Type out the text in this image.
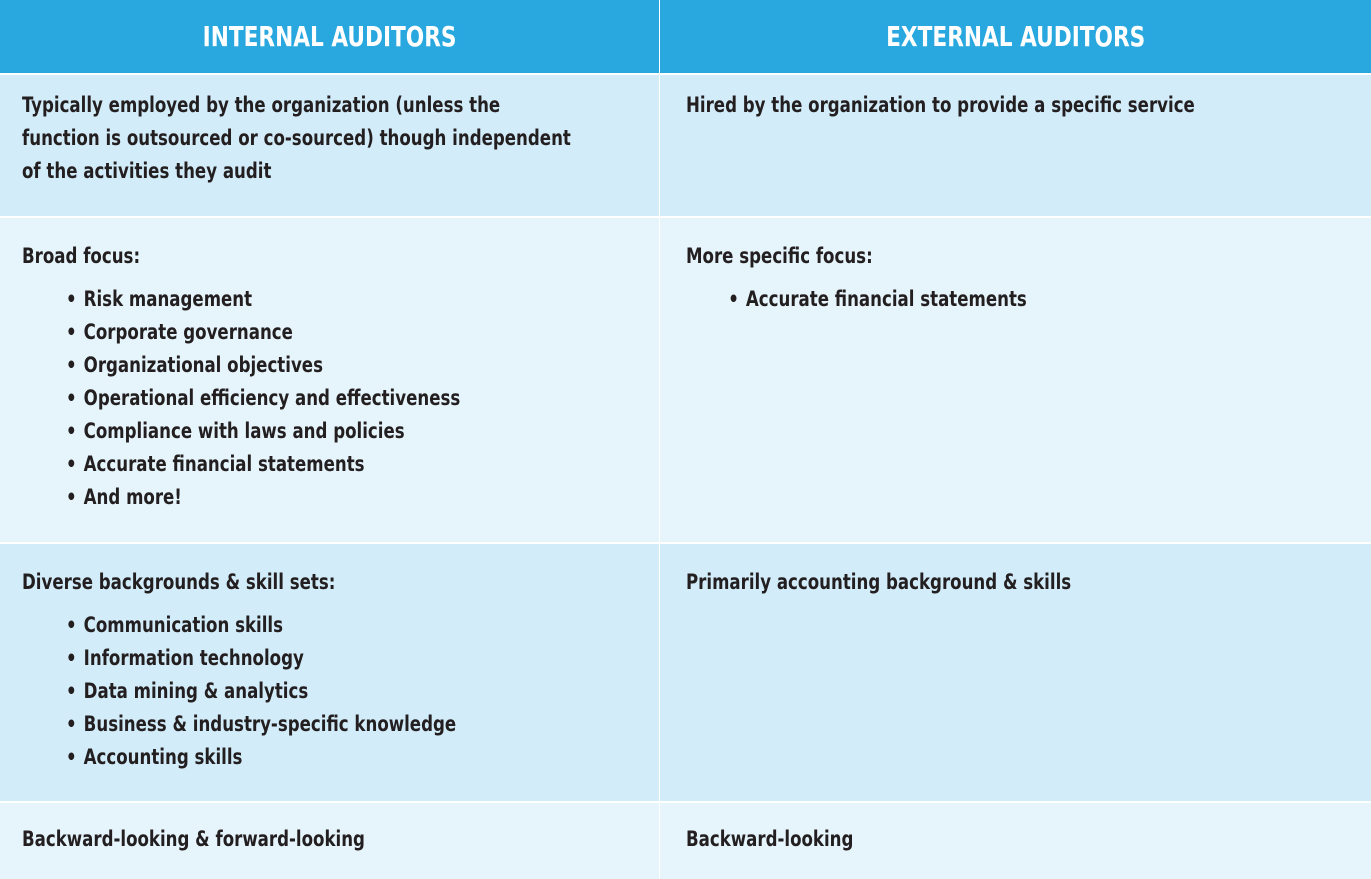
INTERNAL AUDITORS	EXTERNAL AUDITORS
Typically employed by the organization (unless the
function is outsourced or co-sourced) though independent
of the activities they audit
Hired by the organization to provide a specific service
Broad focus:
• Risk management
• Corporate governance
• Organizational objectives
• Operational efficiency and effectiveness
• Compliance with laws and policies
• Accurate financial statements
• And more!
More specific focus:
• Accurate financial statements
Diverse backgrounds & skill sets:
• Communication skills
• Information technology
• Data mining & analytics
• Business & industry-specific knowledge
• Accounting skills
Primarily accounting background & skills
Backward-looking & forward-looking	Backward-looking
